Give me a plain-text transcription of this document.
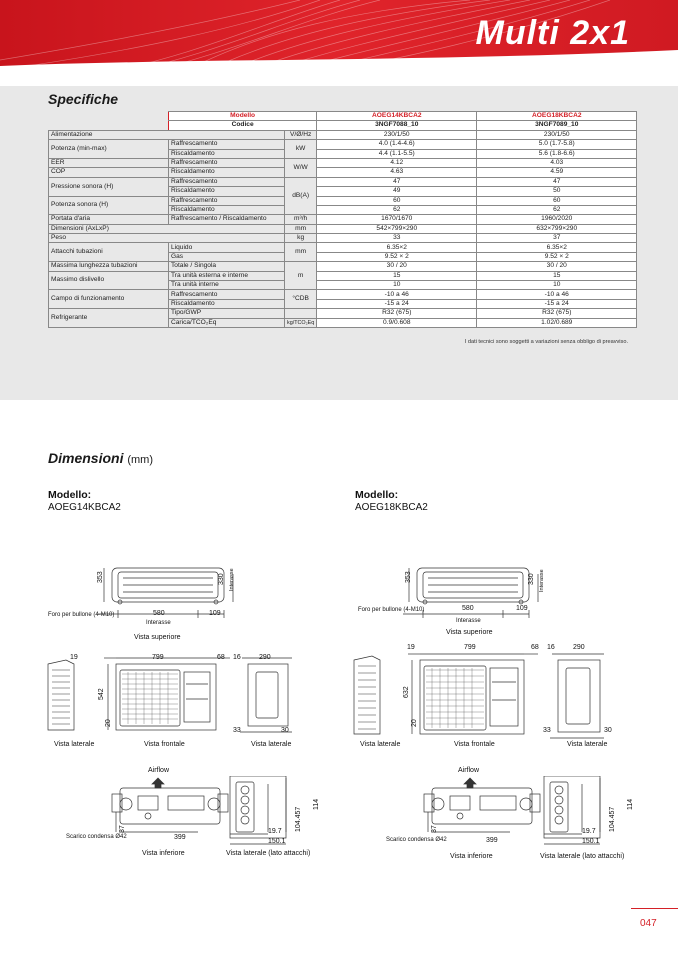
Multi 2x1
Specifiche
	Modello		AOEG14KBCA2	AOEG18KBCA2
	Codice		3NGF7088_10	3NGF7089_10
Alimentazione		V/Ø/Hz	230/1/50	230/1/50
Potenza (min-max)	Raffrescamento	kW	4.0 (1.4-4.6)	5.0 (1.7-5.8)
	Riscaldamento		4.4 (1.1-5.5)	5.6 (1.8-6.6)
EER	Raffrescamento	W/W	4.12	4.03
COP	Riscaldamento		4.63	4.59
Pressione sonora (H)	Raffrescamento	dB(A)	47	47
	Riscaldamento		49	50
Potenza sonora (H)	Raffrescamento		60	60
	Riscaldamento		62	62
Portata d'aria	Raffrescamento / Riscaldamento	m³/h	1670/1670	1960/2020
Dimensioni (AxLxP)		mm	542×799×290	632×799×290
Peso		kg	33	37
Attacchi tubazioni	Liquido	mm	6.35×2	6.35×2
	Gas		9.52 × 2	9.52 × 2
Massima lunghezza tubazioni	Totale / Singola	m	30 / 20	30 / 20
Massimo dislivello	Tra unità esterna e interne		15	15
	Tra unità interne		10	10
Campo di funzionamento	Raffrescamento	°CDB	-10 a 46	-10 a 46
	Riscaldamento		-15 a 24	-15 a 24
Refrigerante	Tipo/GWP		R32 (675)	R32 (675)
	Carica/TCO₂Eq	kg/TCO₂Eq	0.9/0.608	1.02/0.689
I dati tecnici sono soggetti a variazioni senza obbligo di preavviso.
Dimensioni (mm)
Modello:
AOEG14KBCA2
Modello:
AOEG18KBCA2
353	330 Interasse
580	109
Foro per bullone (4-M10)
Interasse
Vista superiore
19	799	68 16	290
542
20
33	30
Vista laterale	Vista frontale	Vista laterale
Airflow
37
399
Scarico condensa Ø42
104.457
114
19.7
150.1
Vista inferiore	Vista laterale (lato attacchi)
353	330 Interasse
580	109
Foro per bullone (4-M10)
Interasse
Vista superiore
19	799	68 16	290
632
20
33	30
Vista laterale	Vista frontale	Vista laterale
Airflow
37
399
Scarico condensa Ø42
104.457
114
19.7
150.1
Vista inferiore	Vista laterale (lato attacchi)
047
